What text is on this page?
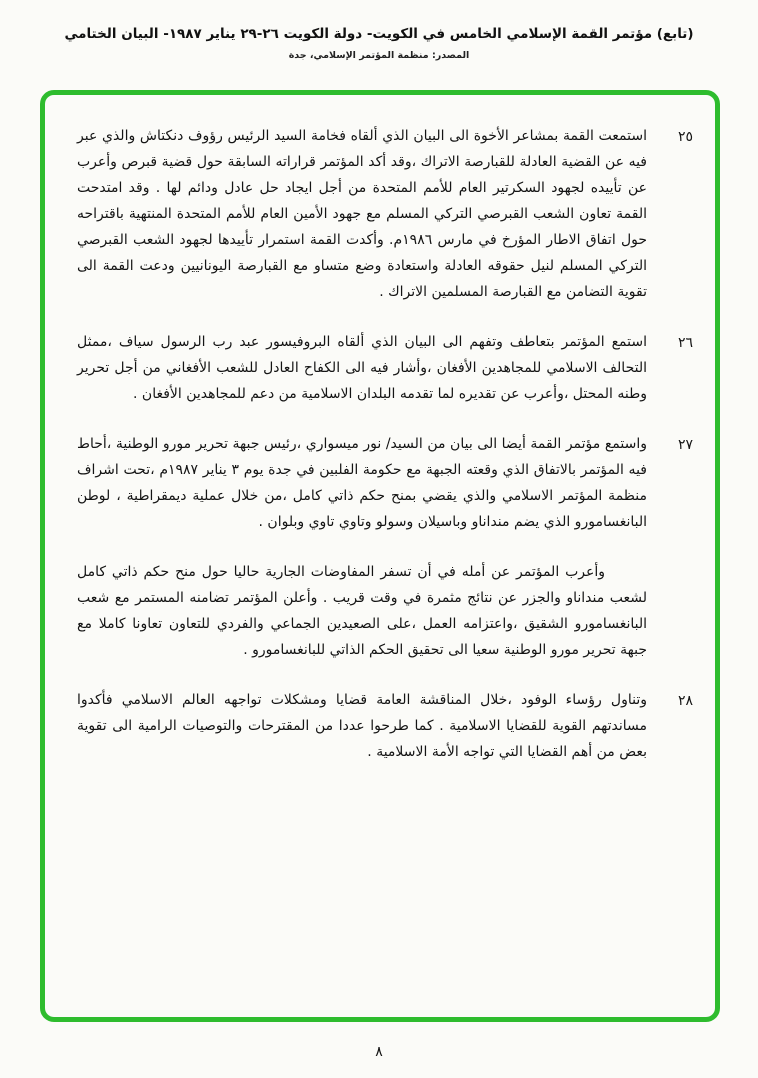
(تابع) مؤتمر القمة الإسلامي الخامس في الكويت- دولة الكويت ٢٦-٢٩ يناير ١٩٨٧- البيان الختامي
المصدر: منظمة المؤتمر الإسلامي، جدة
٢٥
استمعت القمة بمشاعر الأخوة الى البيان الذي ألقاه فخامة السيد الرئيس رؤوف دنكتاش والذي عبر فيه عن القضية العادلة للقبارصة الاتراك ،وقد أكد المؤتمر قراراته السابقة حول قضية قبرص وأعرب عن تأييده لجهود السكرتير العام للأمم المتحدة من أجل ايجاد حل عادل ودائم لها . وقد امتدحت القمة تعاون الشعب القبرصي التركي المسلم مع جهود الأمين العام للأمم المتحدة المنتهية باقتراحه حول اتفاق الاطار المؤرخ في مارس ١٩٨٦م. وأكدت القمة استمرار تأييدها لجهود الشعب القبرصي التركي المسلم لنيل حقوقه العادلة واستعادة وضع متساو مع القبارصة اليونانيين ودعت القمة الى تقوية التضامن مع القبارصة المسلمين الاتراك .
٢٦
استمع المؤتمر بتعاطف وتفهم الى البيان الذي ألقاه البروفيسور عبد رب الرسول سياف ،ممثل التحالف الاسلامي للمجاهدين الأفغان ،وأشار فيه الى الكفاح العادل للشعب الأفغاني من أجل تحرير وطنه المحتل ،وأعرب عن تقديره لما تقدمه البلدان الاسلامية من دعم للمجاهدين الأفغان .
٢٧
واستمع مؤتمر القمة أيضا الى بيان من السيد/ نور ميسواري ،رئيس جبهة تحرير مورو الوطنية ،أحاط فيه المؤتمر بالاتفاق الذي وقعته الجبهة مع حكومة الفلبين في جدة يوم ٣ يناير ١٩٨٧م ،تحت اشراف منظمة المؤتمر الاسلامي والذي يقضي بمنح حكم ذاتي كامل ،من خلال عملية ديمقراطية ، لوطن البانغسامورو الذي يضم منداناو وباسيلان وسولو وتاوي تاوي وبلوان .
وأعرب المؤتمر عن أمله في أن تسفر المفاوضات الجارية حاليا حول منح حكم ذاتي كامل لشعب منداناو والجزر عن نتائج مثمرة في وقت قريب . وأعلن المؤتمر تضامنه المستمر مع شعب البانغسامورو الشقيق ،واعتزامه العمل ،على الصعيدين الجماعي والفردي للتعاون تعاونا كاملا مع جبهة تحرير مورو الوطنية سعيا الى تحقيق الحكم الذاتي للبانغسامورو .
٢٨
وتناول رؤساء الوفود ،خلال المناقشة العامة قضايا ومشكلات تواجهه العالم الاسلامي فأكدوا مساندتهم القوية للقضايا الاسلامية . كما طرحوا عددا من المقترحات والتوصيات الرامية الى تقوية بعض من أهم القضايا التي تواجه الأمة الاسلامية .
٨
